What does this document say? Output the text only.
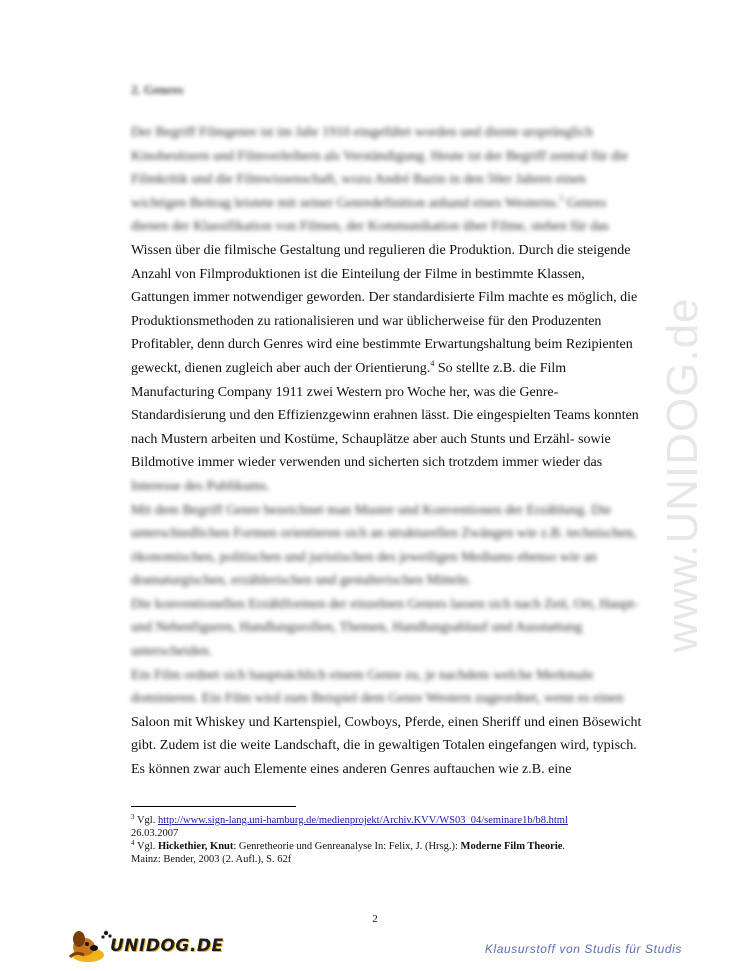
www.UNIDOG.de
2. Genres
Der Begriff Filmgenre ist im Jahr 1910 eingeführt worden und diente ursprünglich
Kinobesitzern und Filmverleihern als Verständigung. Heute ist der Begriff zentral für die
Filmkritik und die Filmwissenschaft, wozu André Bazin in den 50er Jahren einen
wichtigen Beitrag leistete mit seiner Genredefinition anhand eines Westerns.$^3$ Genres
dienen der Klassifikation von Filmen, der Kommunikation über Filme, stehen für das
Wissen über die filmische Gestaltung und regulieren die Produktion. Durch die steigende
Anzahl von Filmproduktionen ist die Einteilung der Filme in bestimmte Klassen,
Gattungen immer notwendiger geworden. Der standardisierte Film machte es möglich, die
Produktionsmethoden zu rationalisieren und war üblicherweise für den Produzenten
Profitabler, denn durch Genres wird eine bestimmte Erwartungshaltung beim Rezipienten
geweckt, dienen zugleich aber auch der Orientierung.$^4$ So stellte z.B. die Film
Manufacturing Company 1911 zwei Western pro Woche her, was die Genre-
Standardisierung und den Effizienzgewinn erahnen lässt. Die eingespielten Teams konnten
nach Mustern arbeiten und Kostüme, Schauplätze aber auch Stunts und Erzähl- sowie
Bildmotive immer wieder verwenden und sicherten sich trotzdem immer wieder das
Interesse des Publikums.
Mit dem Begriff Genre bezeichnet man Muster und Konventionen der Erzählung. Die
unterschiedlichen Formen orientieren sich an strukturellen Zwängen wie z.B. technischen,
ökonomischen, politischen und juristischen des jeweiligen Mediums ebenso wie an
dramaturgischen, erzählerischen und gestalterischen Mitteln.
Die konventionellen Erzählformen der einzelnen Genres lassen sich nach Zeit, Ort, Haupt-
und Nebenfiguren, Handlungsrollen, Themen, Handlungsablauf und Ausstattung
unterscheiden.
Ein Film ordnet sich hauptsächlich einem Genre zu, je nachdem welche Merkmale
dominieren. Ein Film wird zum Beispiel dem Genre Western zugeordnet, wenn es einen
Saloon mit Whiskey und Kartenspiel, Cowboys, Pferde, einen Sheriff und einen Bösewicht
gibt. Zudem ist die weite Landschaft, die in gewaltigen Totalen eingefangen wird, typisch.
Es können zwar auch Elemente eines anderen Genres auftauchen wie z.B. eine
$^3$ Vgl. http://www.sign-lang.uni-hamburg.de/medienprojekt/Archiv.KVV/WS03_04/seminare1b/b8.html
26.03.2007
$^4$ Vgl. Hickethier, Knut: Genretheorie und Genreanalyse In: Felix, J. (Hrsg.): Moderne Film Theorie.
Mainz: Bender, 2003 (2. Aufl.), S. 62f
2
UNIDOG.DE	Klausurstoff von Studis für Studis
